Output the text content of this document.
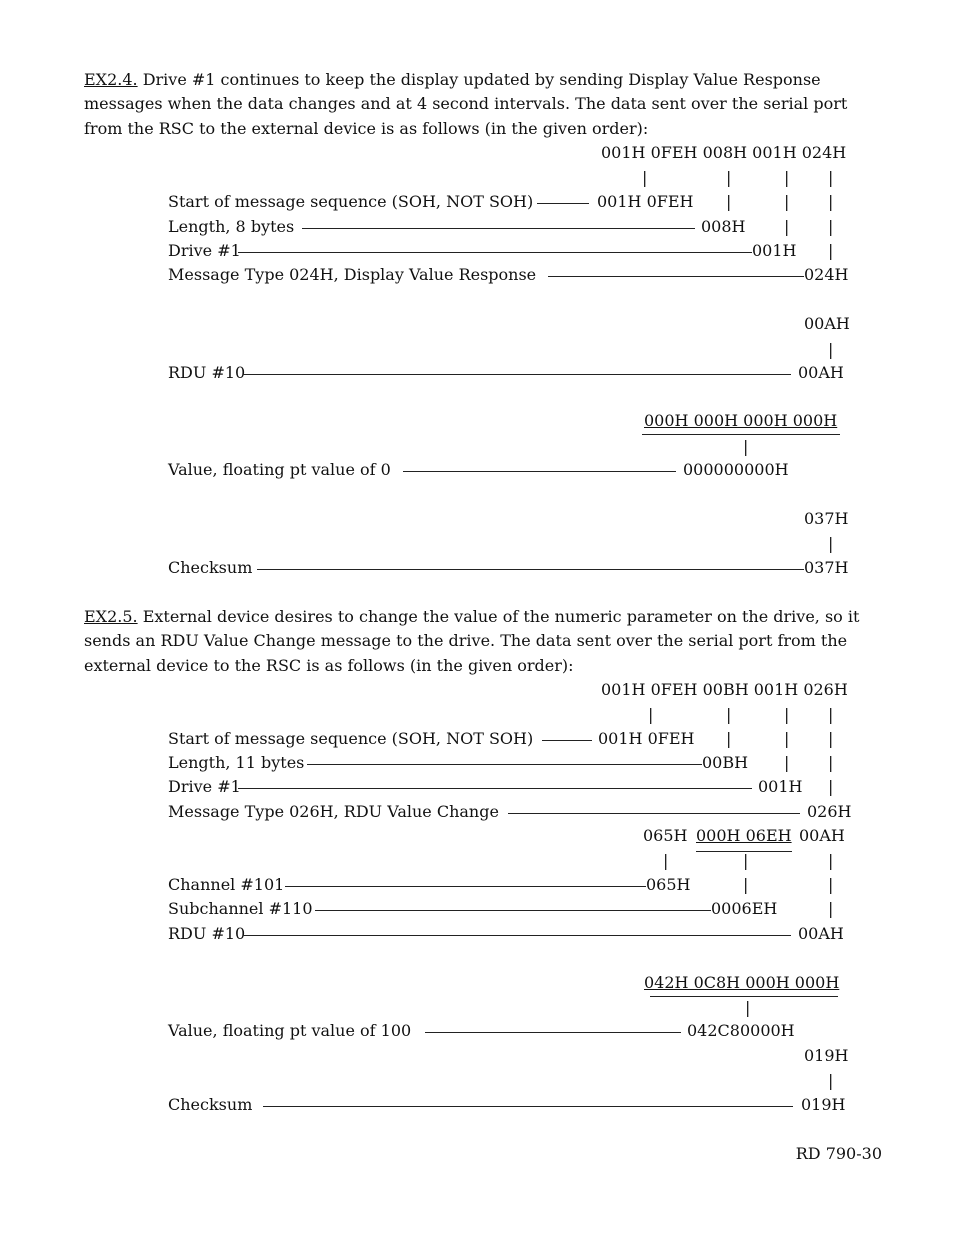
EX2.4. Drive #1 continues to keep the display updated by sending Display Value Response
messages when the data changes and at 4 second intervals. The data sent over the serial port
from the RSC to the external device is as follows (in the given order):
001H 0FEH 008H 001H 024H
|	|	| |
Start of message sequence (SOH, NOT SOH)	001H 0FEH |	| |
Length, 8 bytes	008H | |
Drive #1	001H |
Message Type 024H, Display Value Response	024H
00AH
|
RDU #10	00AH
000H 000H 000H 000H
|
Value, floating pt value of 0	000000000H
037H
|
Checksum	037H
EX2.5. External device desires to change the value of the numeric parameter on the drive, so it
sends an RDU Value Change message to the drive. The data sent over the serial port from the
external device to the RSC is as follows (in the given order):
001H 0FEH 00BH 001H 026H
|	|	| |
Start of message sequence (SOH, NOT SOH)	001H 0FEH |	| |
Length, 11 bytes	00BH | |
Drive #1	001H |
Message Type 026H, RDU Value Change	026H
065H 000H 06EH 00AH
|	|	|
Channel #101	065H	|	|
Subchannel #110	0006EH	|
RDU #10	00AH
042H 0C8H 000H 000H
|
Value, floating pt value of 100	042C80000H
019H
|
Checksum	019H
RD 790-30
